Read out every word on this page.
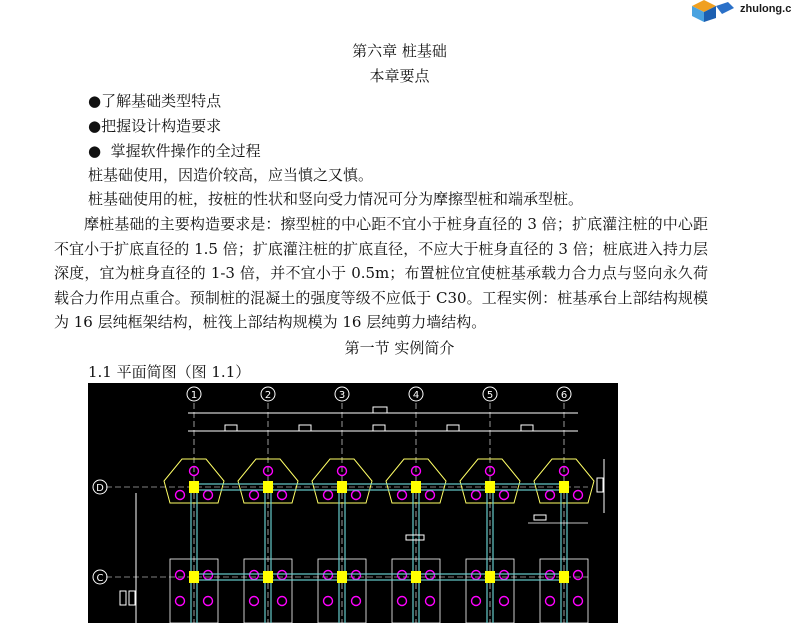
zhulong.c
第六章 桩基础
本章要点
●了解基础类型特点
●把握设计构造要求
●  掌握软件操作的全过程
桩基础使用，因造价较高，应当慎之又慎。
桩基础使用的桩，按桩的性状和竖向受力情况可分为摩擦型桩和端承型桩。
摩桩基础的主要构造要求是：擦型桩的中心距不宜小于桩身直径的 3 倍；扩底灌注桩的中心距不宜小于扩底直径的 1.5 倍；扩底灌注桩的扩底直径，不应大于桩身直径的 3 倍；桩底进入持力层深度，宜为桩身直径的 1-3 倍，并不宜小于 0.5m；布置桩位宜使桩基承载力合力点与竖向永久荷载合力作用点重合。预制桩的混凝土的强度等级不应低于 C30。工程实例：桩基承台上部结构规模为 16 层纯框架结构，桩筏上部结构规模为 16 层纯剪力墙结构。
第一节 实例简介
1.1 平面简图（图 1.1）
1	2	3	4	5	6
D
C
